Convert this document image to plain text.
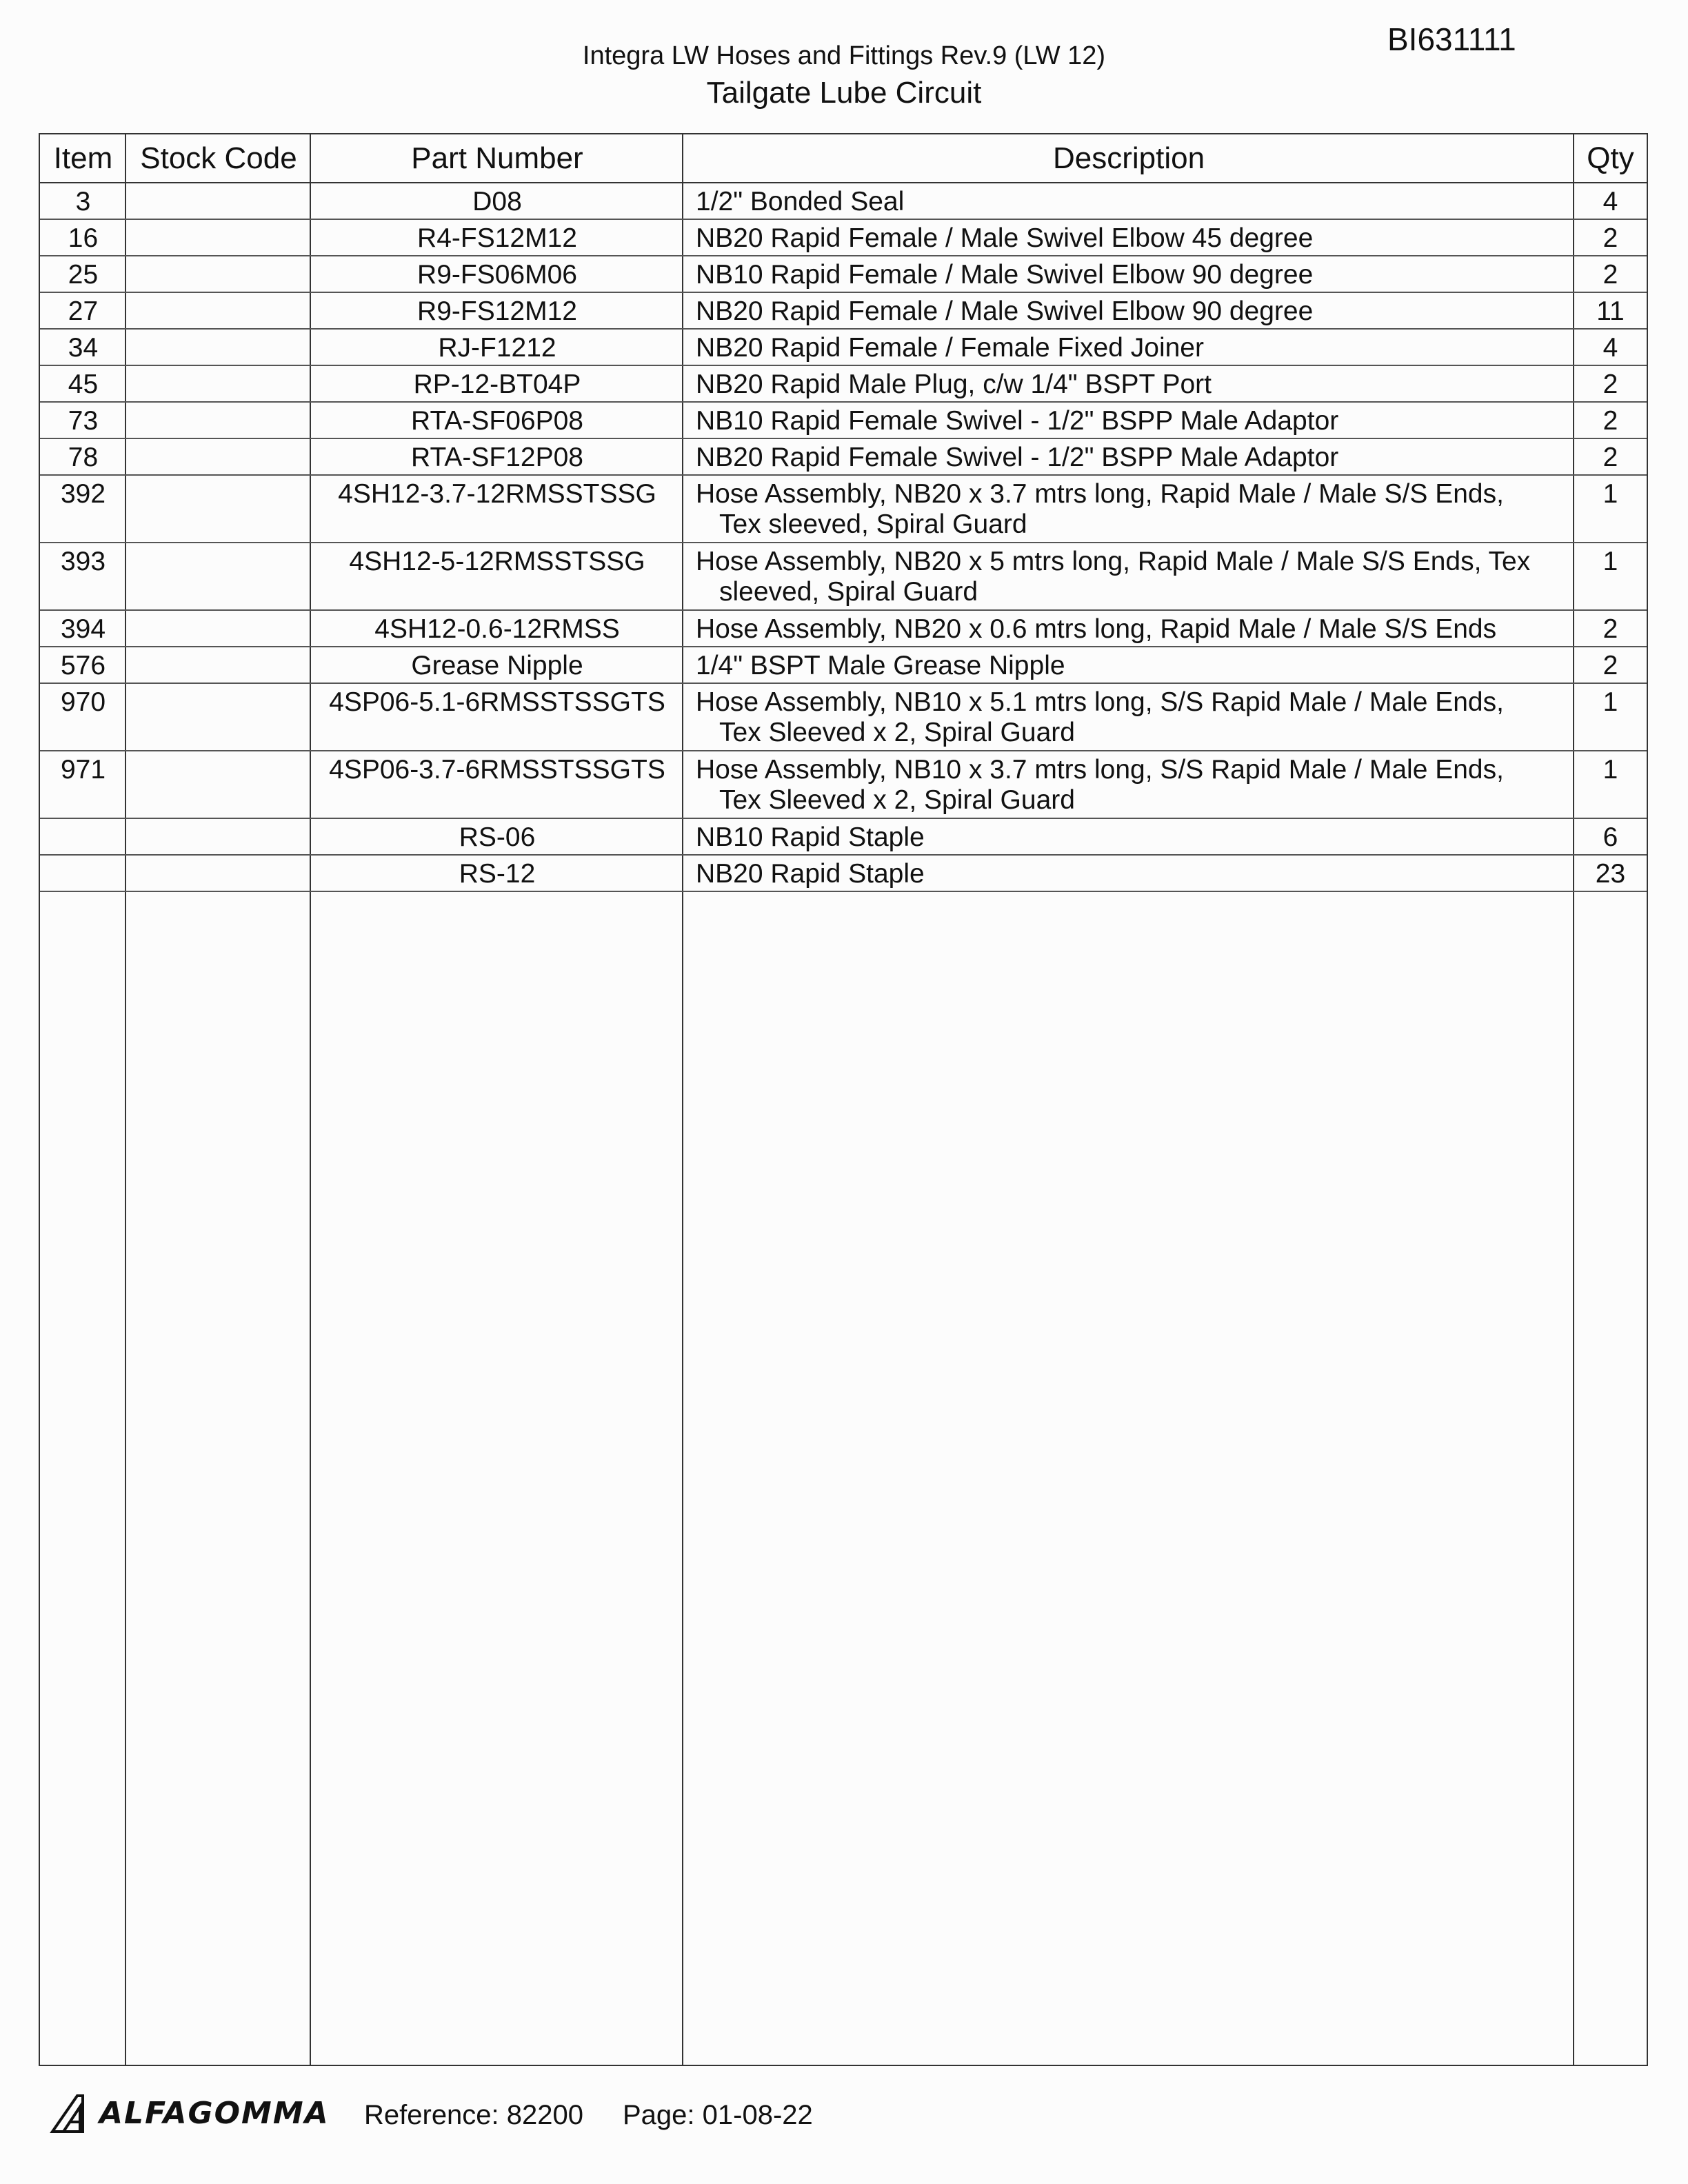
BI631111
Integra LW Hoses and Fittings Rev.9 (LW 12)
Tailgate Lube Circuit
Item	Stock Code	Part Number	Description	Qty
3		D08	1/2" Bonded Seal	4
16		R4-FS12M12	NB20 Rapid Female / Male Swivel Elbow 45 degree	2
25		R9-FS06M06	NB10 Rapid Female / Male Swivel Elbow 90 degree	2
27		R9-FS12M12	NB20 Rapid Female / Male Swivel Elbow 90 degree	11
34		RJ-F1212	NB20 Rapid Female / Female Fixed Joiner	4
45		RP-12-BT04P	NB20 Rapid Male Plug, c/w 1/4" BSPT Port	2
73		RTA-SF06P08	NB10 Rapid Female Swivel - 1/2" BSPP Male Adaptor	2
78		RTA-SF12P08	NB20 Rapid Female Swivel - 1/2" BSPP Male Adaptor	2
392		4SH12-3.7-12RMSSTSSG	Hose Assembly, NB20 x 3.7 mtrs long, Rapid Male / Male S/S Ends,
Tex sleeved, Spiral Guard	1
393		4SH12-5-12RMSSTSSG	Hose Assembly, NB20 x 5 mtrs long, Rapid Male / Male S/S Ends, Tex
sleeved, Spiral Guard	1
394		4SH12-0.6-12RMSS	Hose Assembly, NB20 x 0.6 mtrs long, Rapid Male / Male S/S Ends	2
576		Grease Nipple	1/4" BSPT Male Grease Nipple	2
970		4SP06-5.1-6RMSSTSSGTS	Hose Assembly, NB10 x 5.1 mtrs long, S/S Rapid Male / Male Ends,
Tex Sleeved x 2, Spiral Guard	1
971		4SP06-3.7-6RMSSTSSGTS	Hose Assembly, NB10 x 3.7 mtrs long, S/S Rapid Male / Male Ends,
Tex Sleeved x 2, Spiral Guard	1
		RS-06	NB10 Rapid Staple	6
		RS-12	NB20 Rapid Staple	23
ALFAGOMMA Reference: 82200 Page: 01-08-22
